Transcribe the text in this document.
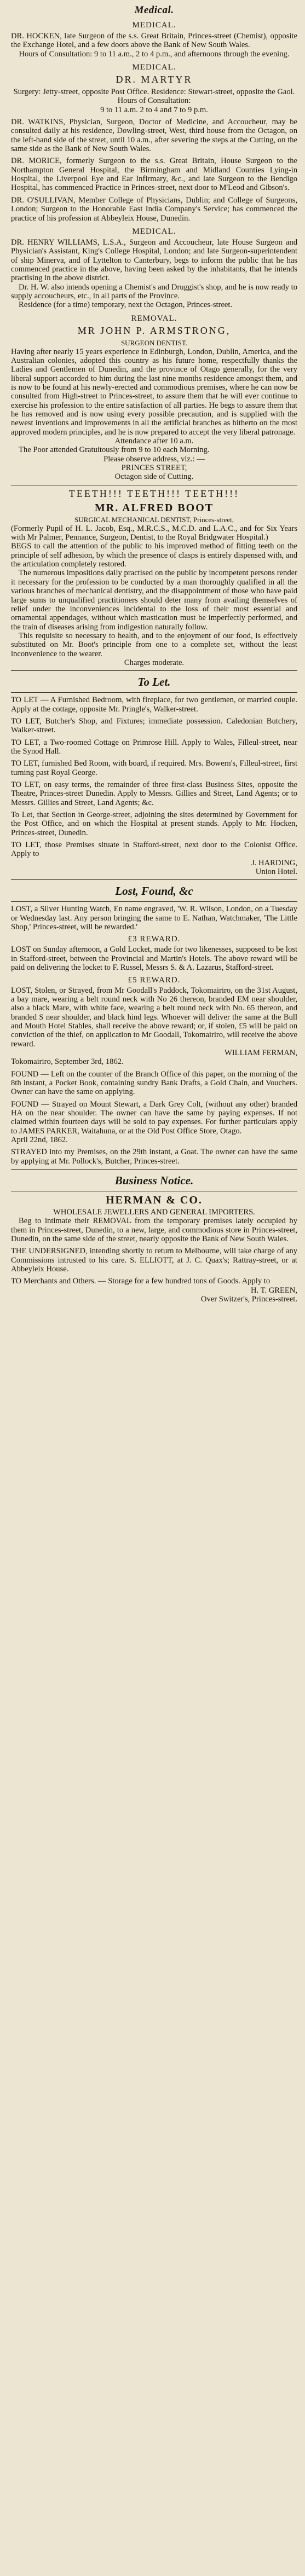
Medical.
MEDICAL.

DR. HOCKEN, late Surgeon of the s.s. Great Britain, Princes-street (Chemist), opposite the Exchange Hotel, and a few doors above the Bank of New South Wales.

Hours of Consultation: 9 to 11 a.m., 2 to 4 p.m., and afternoons through the evening.

MEDICAL.
DR. MARTYR

Surgery: Jetty-street, opposite Post Office. Residence: Stewart-street, opposite the Gaol.

Hours of Consultation:

9 to 11 a.m. 2 to 4 and 7 to 9 p.m.

DR. WATKINS, Physician, Surgeon, Doctor of Medicine, and Accoucheur, may be consulted daily at his residence, Dowling-street, West, third house from the Octagon, on the left-hand side of the street, until 10 a.m., after severing the steps at the Cutting, on the same side as the Bank of New South Wales.

DR. MORICE, formerly Surgeon to the s.s. Great Britain, House Surgeon to the Northampton General Hospital, the Birmingham and Midland Counties Lying-in Hospital, the Liverpool Eye and Ear Infirmary, &c., and late Surgeon to the Bendigo Hospital, has commenced Practice in Princes-street, next door to M'Leod and Gibson's.

DR. O'SULLIVAN, Member College of Physicians, Dublin; and College of Surgeons, London; Surgeon to the Honorable East India Company's Service; has commenced the practice of his profession at Abbeyleix House, Dunedin.

MEDICAL.

DR. HENRY WILLIAMS, L.S.A., Surgeon and Accoucheur, late House Surgeon and Physician's Assistant, King's College Hospital, London; and late Surgeon-superintendent of ship Minerva, and of Lyttelton to Canterbury, begs to inform the public that he has commenced practice in the above, having been asked by the inhabitants, that he intends practising in the above district.

Dr. H. W. also intends opening a Chemist's and Druggist's shop, and he is now ready to supply accoucheurs, etc., in all parts of the Province.

Residence (for a time) temporary, next the Octagon, Princes-street.

REMOVAL.
MR JOHN P. ARMSTRONG,
SURGEON DENTIST.

Having after nearly 15 years experience in Edinburgh, London, Dublin, America, and the Australian colonies, adopted this country as his future home, respectfully thanks the Ladies and Gentlemen of Dunedin, and the province of Otago generally, for the very liberal support accorded to him during the last nine months residence amongst them, and is now to be found at his newly-erected and commodious premises, where he can now be consulted from High-street to Princes-street, to assure them that he will ever continue to exercise his profession to the entire satisfaction of all parties. He begs to assure them that he has removed and is now using every possible precaution, and is supplied with the newest inventions and improvements in all the artificial branches as hitherto on the most approved modern principles, and he is now prepared to accept the very liberal patronage.

Attendance after 10 a.m.

The Poor attended Gratuitously from 9 to 10 each Morning.

Please observe address, viz.: —

PRINCES STREET,

Octagon side of Cutting.

TEETH!!! TEETH!!! TEETH!!!
MR. ALFRED BOOT
SURGICAL MECHANICAL DENTIST, Princes-street,

(Formerly Pupil of H. L. Jacob, Esq., M.R.C.S., M.C.D. and L.A.C., and for Six Years with Mr Palmer, Pennance, Surgeon, Dentist, to the Royal Bridgwater Hospital.)

BEGS to call the attention of the public to his improved method of fitting teeth on the principle of self adhesion, by which the presence of clasps is entirely dispensed with, and the articulation completely restored.

The numerous impositions daily practised on the public by incompetent persons render it necessary for the profession to be conducted by a man thoroughly qualified in all the various branches of mechanical dentistry, and the disappointment of those who have paid large sums to unqualified practitioners should deter many from availing themselves of relief under the inconveniences incidental to the loss of their most essential and ornamental appendages, without which mastication must be imperfectly performed, and the train of diseases arising from indigestion naturally follow.

This requisite so necessary to health, and to the enjoyment of our food, is effectively substituted on Mr. Boot's principle from one to a complete set, without the least inconvenience to the wearer.

Charges moderate.

To Let.

TO LET — A Furnished Bedroom, with fireplace, for two gentlemen, or married couple. Apply at the cottage, opposite Mr. Pringle's, Walker-street.

TO LET, Butcher's Shop, and Fixtures; immediate possession. Caledonian Butchery, Walker-street.

TO LET, a Two-roomed Cottage on Primrose Hill. Apply to Wales, Filleul-street, near the Synod Hall.

TO LET, furnished Bed Room, with board, if required. Mrs. Bowern's, Filleul-street, first turning past Royal George.

TO LET, on easy terms, the remainder of three first-class Business Sites, opposite the Theatre, Princes-street Dunedin. Apply to Messrs. Gillies and Street, Land Agents; or to Messrs. Gillies and Street, Land Agents; &c.

To Let, that Section in George-street, adjoining the sites determined by Government for the Post Office, and on which the Hospital at present stands. Apply to Mr. Hocken, Princes-street, Dunedin.

TO LET, those Premises situate in Stafford-street, next door to the Colonist Office. Apply to

J. HARDING,

Union Hotel.

Lost, Found, &c

LOST, a Silver Hunting Watch, En name engraved, 'W. R. Wilson, London, on a Tuesday or Wednesday last. Any person bringing the same to E. Nathan, Watchmaker, 'The Little Shop,' Princes-street, will be rewarded.'

£3 REWARD.

LOST on Sunday afternoon, a Gold Locket, made for two likenesses, supposed to be lost in Stafford-street, between the Provincial and Martin's Hotels. The above reward will be paid on delivering the locket to F. Russel, Messrs S. & A. Lazarus, Stafford-street.

£5 REWARD.

LOST, Stolen, or Strayed, from Mr Goodall's Paddock, Tokomairiro, on the 31st August, a bay mare, wearing a belt round neck with No 26 thereon, branded EM near shoulder, also a black Mare, with white face, wearing a belt round neck with No. 65 thereon, and branded S near shoulder, and black hind legs. Whoever will deliver the same at the Bull and Mouth Hotel Stables, shall receive the above reward; or, if stolen, £5 will be paid on conviction of the thief, on application to Mr Goodall, Tokomairiro, will receive the above reward.

WILLIAM FERMAN,

Tokomairiro, September 3rd, 1862.

FOUND — Left on the counter of the Branch Office of this paper, on the morning of the 8th instant, a Pocket Book, containing sundry Bank Drafts, a Gold Chain, and Vouchers. Owner can have the same on applying.

FOUND — Strayed on Mount Stewart, a Dark Grey Colt, (without any other) branded HA on the near shoulder. The owner can have the same by paying expenses. If not claimed within fourteen days will be sold to pay expenses. For further particulars apply to JAMES PARKER, Waitahuna, or at the Old Post Office Store, Otago.

April 22nd, 1862.

STRAYED into my Premises, on the 29th instant, a Goat. The owner can have the same by applying at Mr. Pollock's, Butcher, Princes-street.

Business Notice.
HERMAN & CO.

WHOLESALE JEWELLERS AND GENERAL IMPORTERS.

Beg to intimate their REMOVAL from the temporary premises lately occupied by them in Princes-street, Dunedin, to a new, large, and commodious store in Princes-street, Dunedin, on the same side of the street, nearly opposite the Bank of New South Wales.

THE UNDERSIGNED, intending shortly to return to Melbourne, will take charge of any Commissions intrusted to his care. S. ELLIOTT, at J. C. Quax's; Rattray-street, or at Abbeyleix House.

TO Merchants and Others. — Storage for a few hundred tons of Goods. Apply to

H. T. GREEN,

Over Switzer's, Princes-street.
